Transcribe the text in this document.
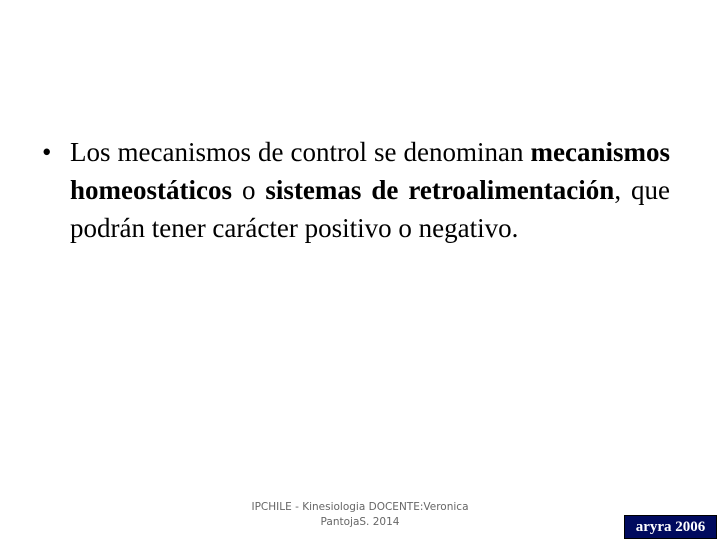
• Los mecanismos de control se denominan mecanismos homeostáticos o sistemas de retroalimentación, que podrán tener carácter positivo o negativo.
IPCHILE - Kinesiologia DOCENTE:Veronica
PantojaS. 2014	aryra 2006
